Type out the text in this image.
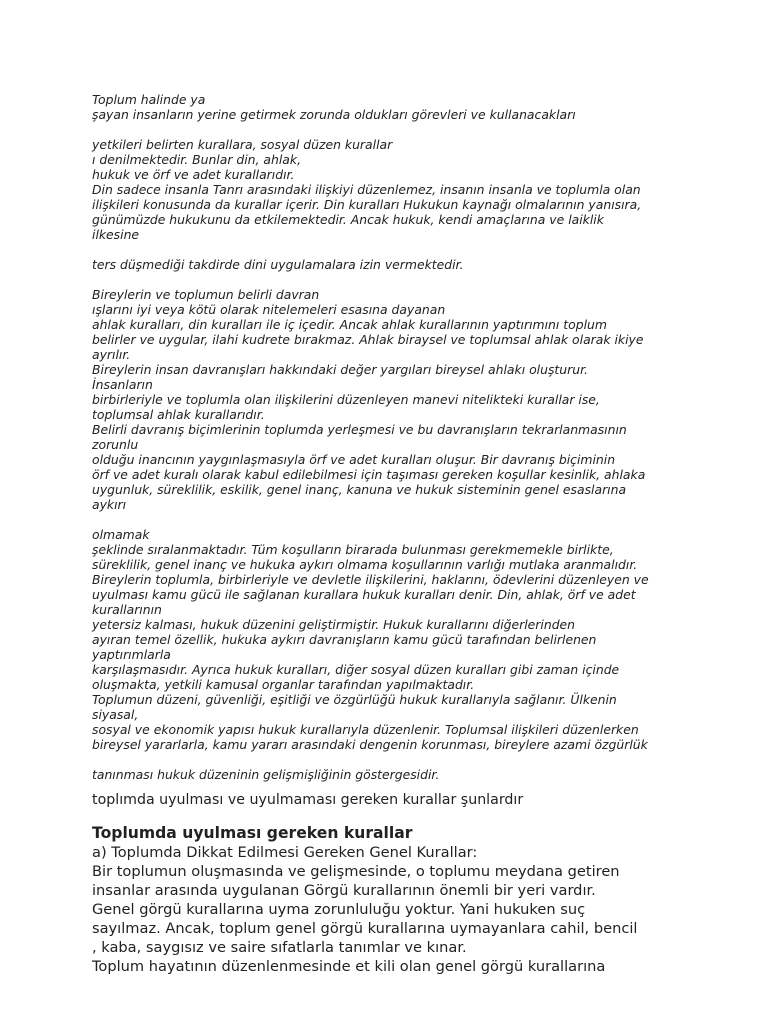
Toplum halinde ya
şayan insanların yerine getirmek zorunda oldukları görevleri ve kullanacakları
yetkileri belirten kurallara, sosyal düzen kurallar
ı denilmektedir. Bunlar din, ahlak,
hukuk ve örf ve adet kurallarıdır.
Din sadece insanla Tanrı arasındaki ilişkiyi düzenlemez, insanın insanla ve toplumla olan
ilişkileri konusunda da kurallar içerir. Din kuralları Hukukun kaynağı olmalarının yanısıra,
günümüzde hukukunu da etkilemektedir. Ancak hukuk, kendi amaçlarına ve laiklik
ilkesine
ters düşmediği takdirde dini uygulamalara izin vermektedir.
Bireylerin ve toplumun belirli davran
ışlarını iyi veya kötü olarak nitelemeleri esasına dayanan
ahlak kuralları, din kuralları ile iç içedir. Ancak ahlak kurallarının yaptırımını toplum
belirler ve uygular, ilahi kudrete bırakmaz. Ahlak biraysel ve toplumsal ahlak olarak ikiye
ayrılır.
Bireylerin insan davranışları hakkındaki değer yargıları bireysel ahlakı oluşturur.
İnsanların
birbirleriyle ve toplumla olan ilişkilerini düzenleyen manevi nitelikteki kurallar ise,
toplumsal ahlak kurallarıdır.
Belirli davranış biçimlerinin toplumda yerleşmesi ve bu davranışların tekrarlanmasının
zorunlu
olduğu inancının yaygınlaşmasıyla örf ve adet kuralları oluşur. Bir davranış biçiminin
örf ve adet kuralı olarak kabul edilebilmesi için taşıması gereken koşullar kesinlik, ahlaka
uygunluk, süreklilik, eskilik, genel inanç, kanuna ve hukuk sisteminin genel esaslarına
aykırı
olmamak
şeklinde sıralanmaktadır. Tüm koşulların birarada bulunması gerekmemekle birlikte,
süreklilik, genel inanç ve hukuka aykırı olmama koşullarının varlığı mutlaka aranmalıdır.
Bireylerin toplumla, birbirleriyle ve devletle ilişkilerini, haklarını, ödevlerini düzenleyen ve
uyulması kamu gücü ile sağlanan kurallara hukuk kuralları denir. Din, ahlak, örf ve adet
kurallarının
yetersiz kalması, hukuk düzenini geliştirmiştir. Hukuk kurallarını diğerlerinden
ayıran temel özellik, hukuka aykırı davranışların kamu gücü tarafından belirlenen
yaptırımlarla
karşılaşmasıdır. Ayrıca hukuk kuralları, diğer sosyal düzen kuralları gibi zaman içinde
oluşmakta, yetkili kamusal organlar tarafından yapılmaktadır.
Toplumun düzeni, güvenliği, eşitliği ve özgürlüğü hukuk kurallarıyla sağlanır. Ülkenin
siyasal,
sosyal ve ekonomik yapısı hukuk kurallarıyla düzenlenir. Toplumsal ilişkileri düzenlerken
bireysel yararlarla, kamu yararı arasındaki dengenin korunması, bireylere azami özgürlük
tanınması hukuk düzeninin gelişmişliğinin göstergesidir.
toplımda uyulması ve uyulmaması gereken kurallar şunlardır
Toplumda uyulması gereken kurallar
a) Toplumda Dikkat Edilmesi Gereken Genel Kurallar:
Bir toplumun oluşmasında ve gelişmesinde, o toplumu meydana getiren
insanlar arasında uygulanan Görgü kurallarının önemli bir yeri vardır.
Genel görgü kurallarına uyma zorunluluğu yoktur. Yani hukuken suç
sayılmaz. Ancak, toplum genel görgü kurallarına uymayanlara cahil, bencil
, kaba, saygısız ve saire sıfatlarla tanımlar ve kınar.
Toplum hayatının düzenlenmesinde et kili olan genel görgü kurallarına
